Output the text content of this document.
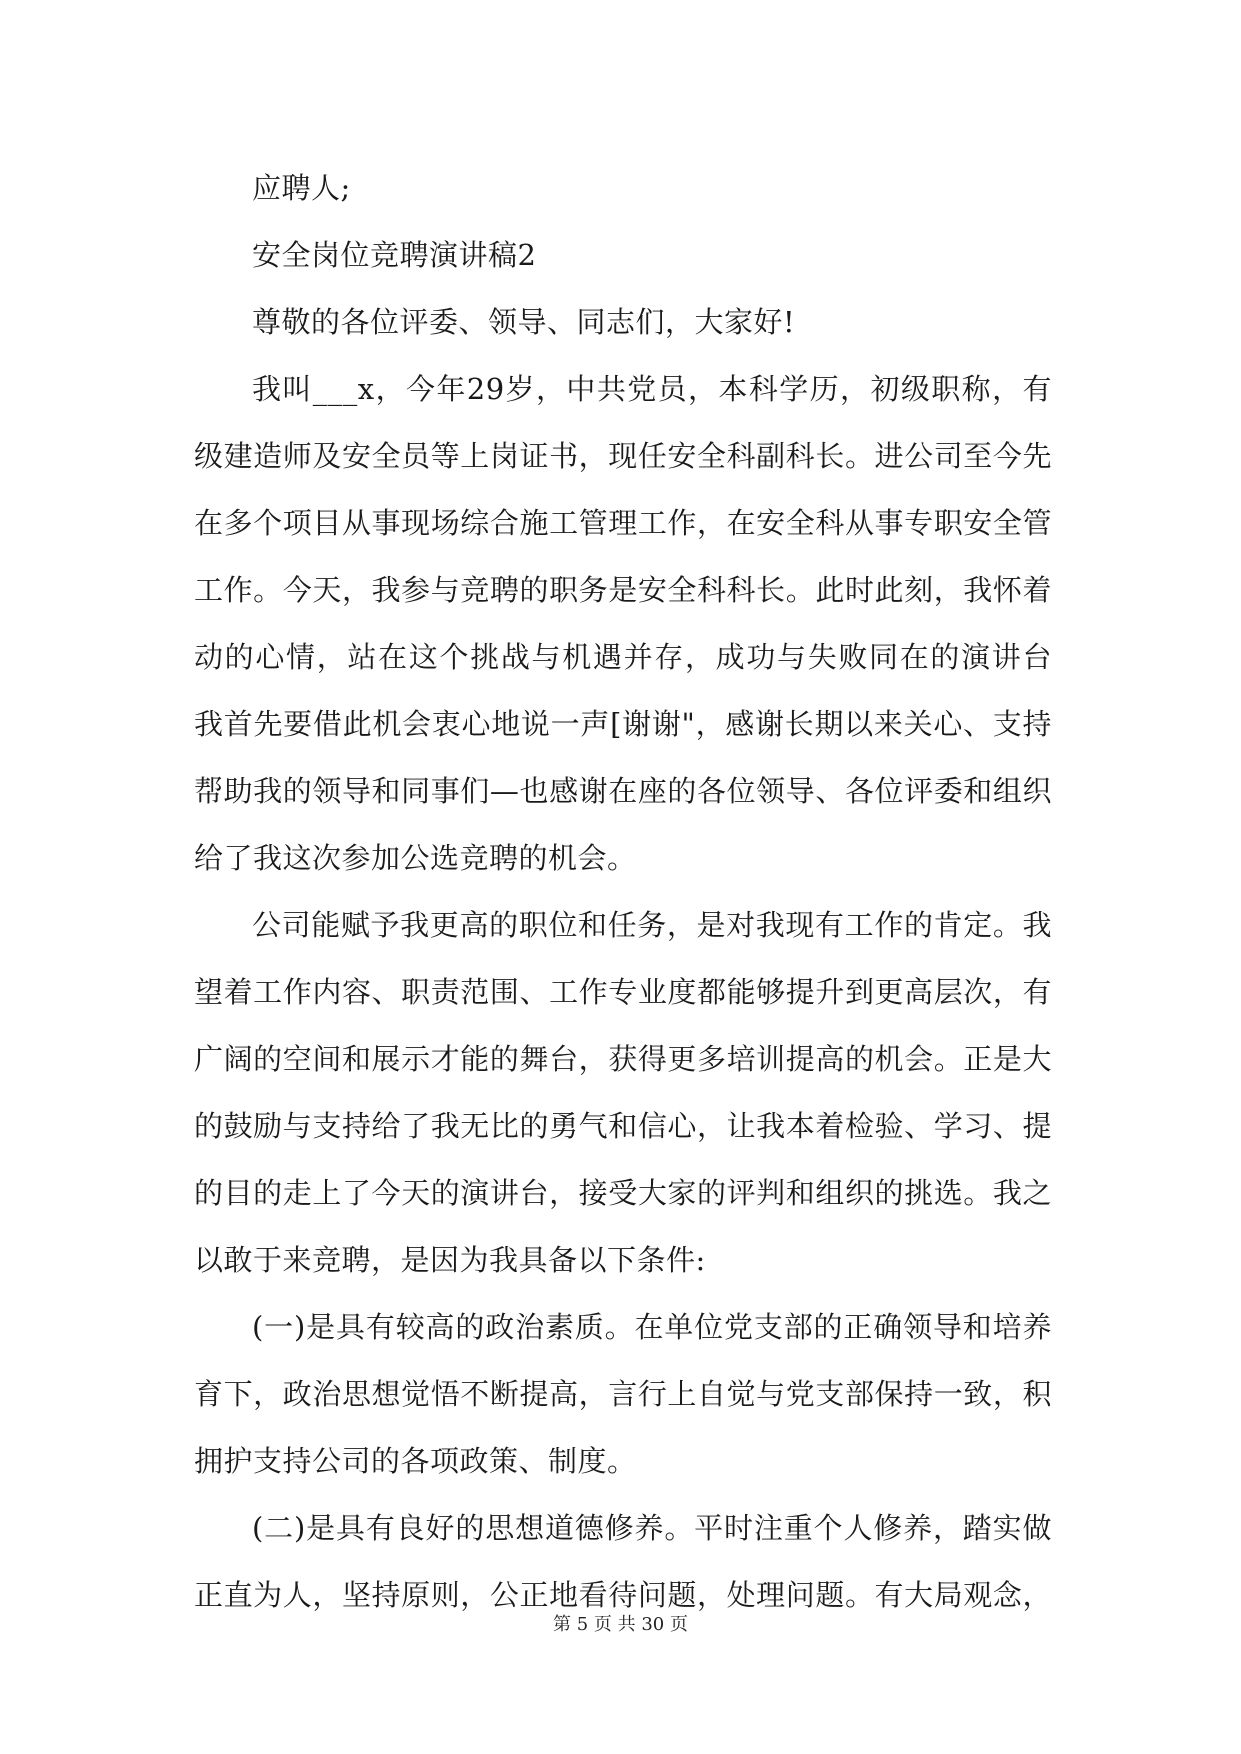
应聘人;
安全岗位竞聘演讲稿2
尊敬的各位评委、领导、同志们，大家好!
我叫___x，今年29岁，中共党员，本科学历，初级职称，有
级建造师及安全员等上岗证书，现任安全科副科长。进公司至今先
在多个项目从事现场综合施工管理工作，在安全科从事专职安全管
工作。今天，我参与竞聘的职务是安全科科长。此时此刻，我怀着
动的心情，站在这个挑战与机遇并存，成功与失败同在的演讲台
我首先要借此机会衷心地说一声[谢谢"，感谢长期以来关心、支持
帮助我的领导和同事们—也感谢在座的各位领导、各位评委和组织
给了我这次参加公选竞聘的机会。
公司能赋予我更高的职位和任务，是对我现有工作的肯定。我
望着工作内容、职责范围、工作专业度都能够提升到更高层次，有
广阔的空间和展示才能的舞台，获得更多培训提高的机会。正是大
的鼓励与支持给了我无比的勇气和信心，让我本着检验、学习、提
的目的走上了今天的演讲台，接受大家的评判和组织的挑选。我之
以敢于来竞聘，是因为我具备以下条件:
(一)是具有较高的政治素质。在单位党支部的正确领导和培养
育下，政治思想觉悟不断提高，言行上自觉与党支部保持一致，积
拥护支持公司的各项政策、制度。
(二)是具有良好的思想道德修养。平时注重个人修养，踏实做
正直为人，坚持原则，公正地看待问题，处理问题。有大局观念，
第 5 页 共 30 页
